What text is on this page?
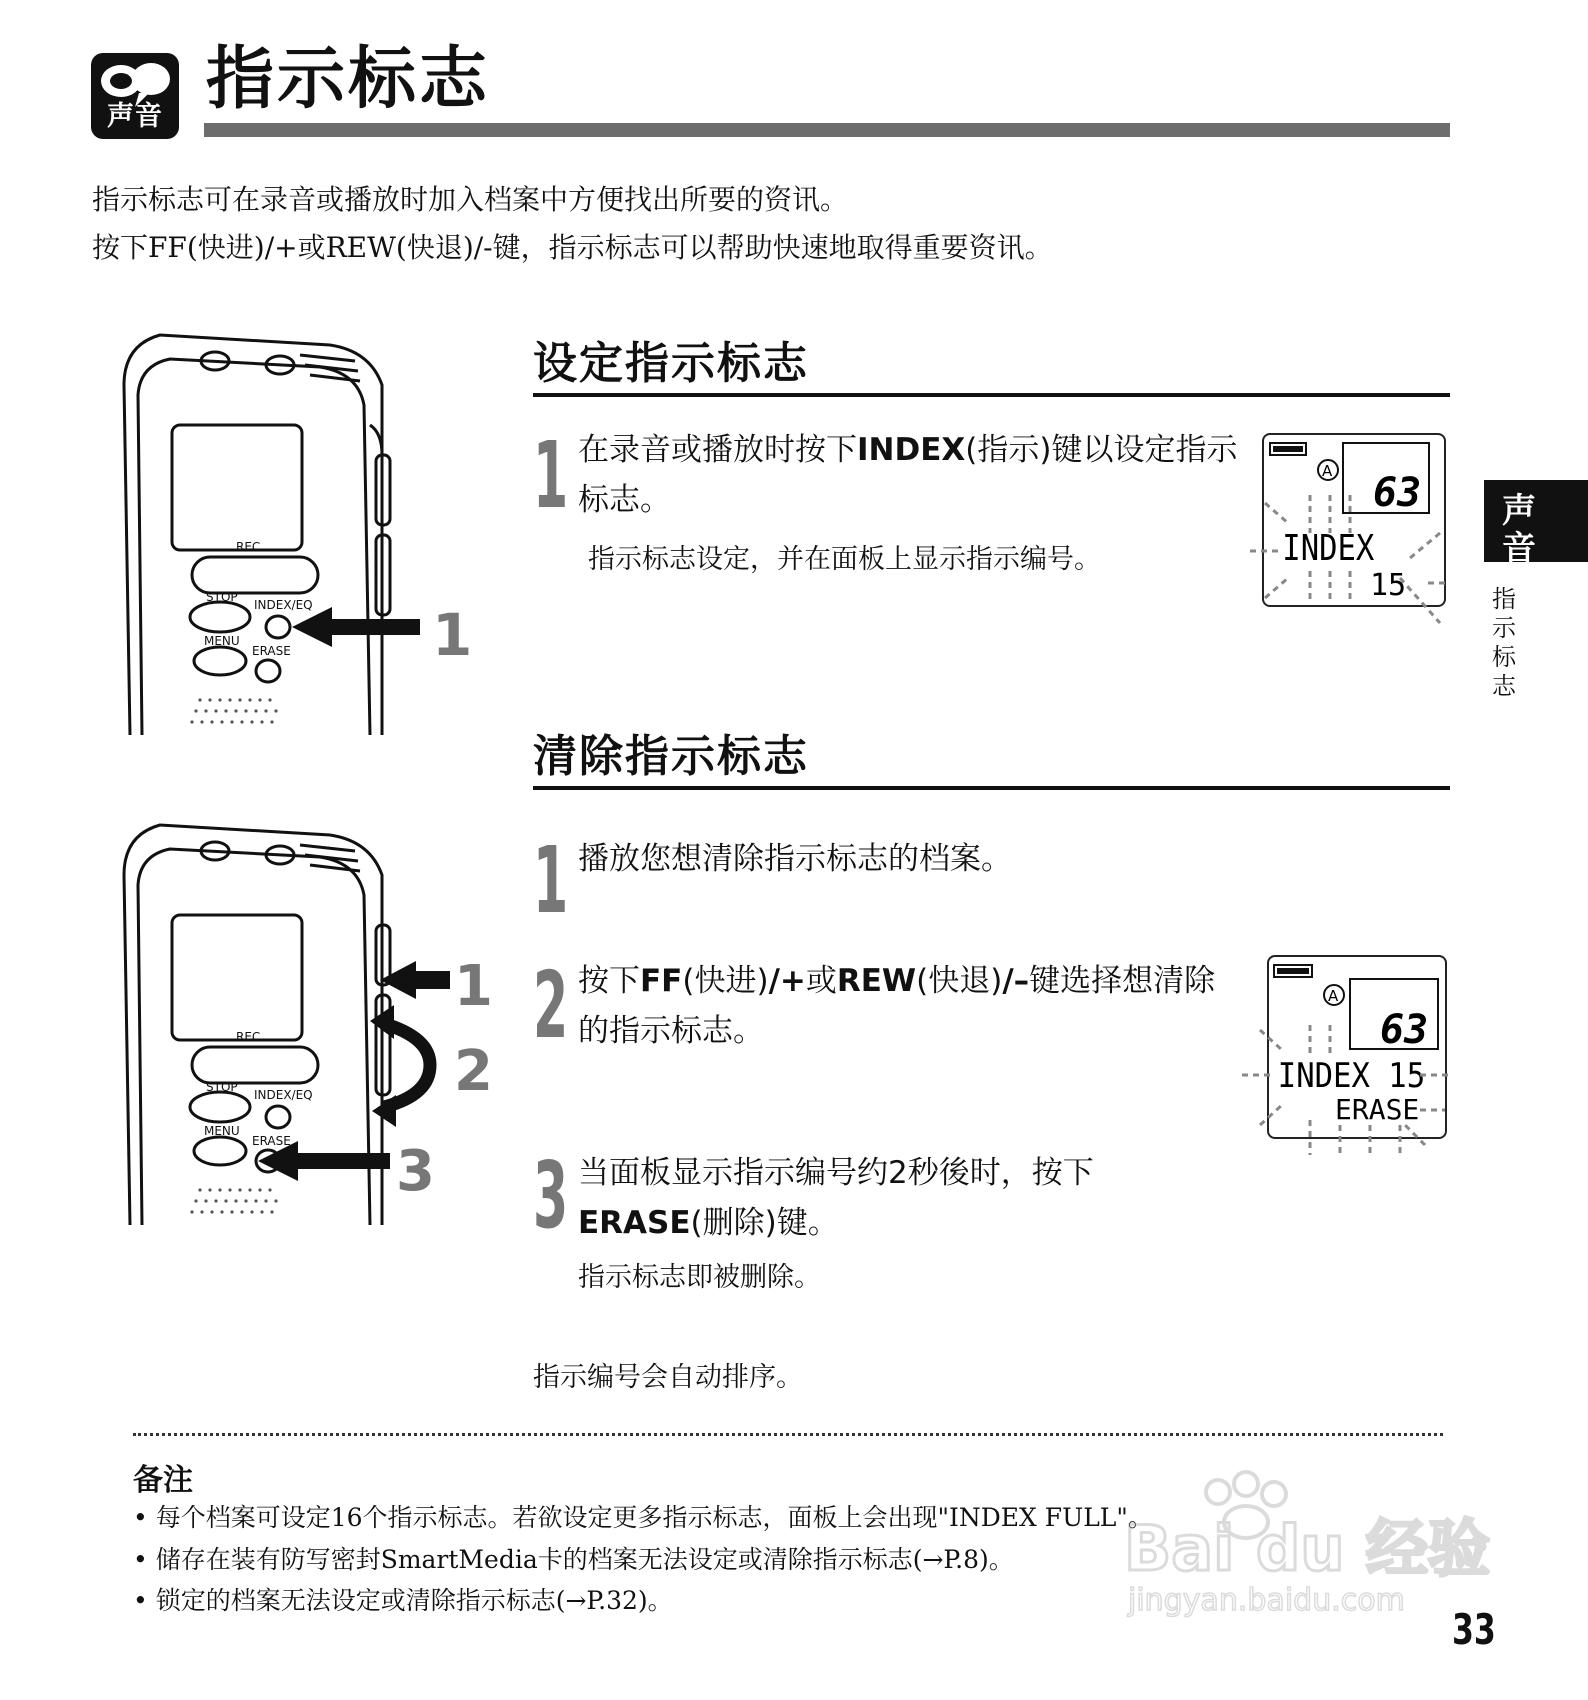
声音 指示标志
指示标志可在录音或播放时加入档案中方便找出所要的资讯。
按下FF(快进)/+或REW(快退)/-键，指示标志可以帮助快速地取得重要资讯。
声音
指示标志
REC
STOP
INDEX/EQ
MENU
ERASE 1
设定指示标志
1 在录音或播放时按下INDEX(指示)键以设定指示标志。
指示标志设定，并在面板上显示指示编号。
A 63
INDEX
15
清除指示标志
REC
STOP
INDEX/EQ
MENU
ERASE
1
2
3
1 播放您想清除指示标志的档案。
2 按下FF(快进)/+或REW(快退)/–键选择想清除的指示标志。
A
63
INDEX 15
ERASE
3 当面板显示指示编号约2秒後时，按下
ERASE(删除)键。
指示标志即被删除。
指示编号会自动排序。
备注
• 每个档案可设定16个指示标志。若欲设定更多指示标志，面板上会出现"INDEX FULL"。
• 储存在装有防写密封SmartMedia卡的档案无法设定或清除指示标志(→P.8)。
• 锁定的档案无法设定或清除指示标志(→P.32)。
Bai du 经验
jingyan.baidu.com
33
